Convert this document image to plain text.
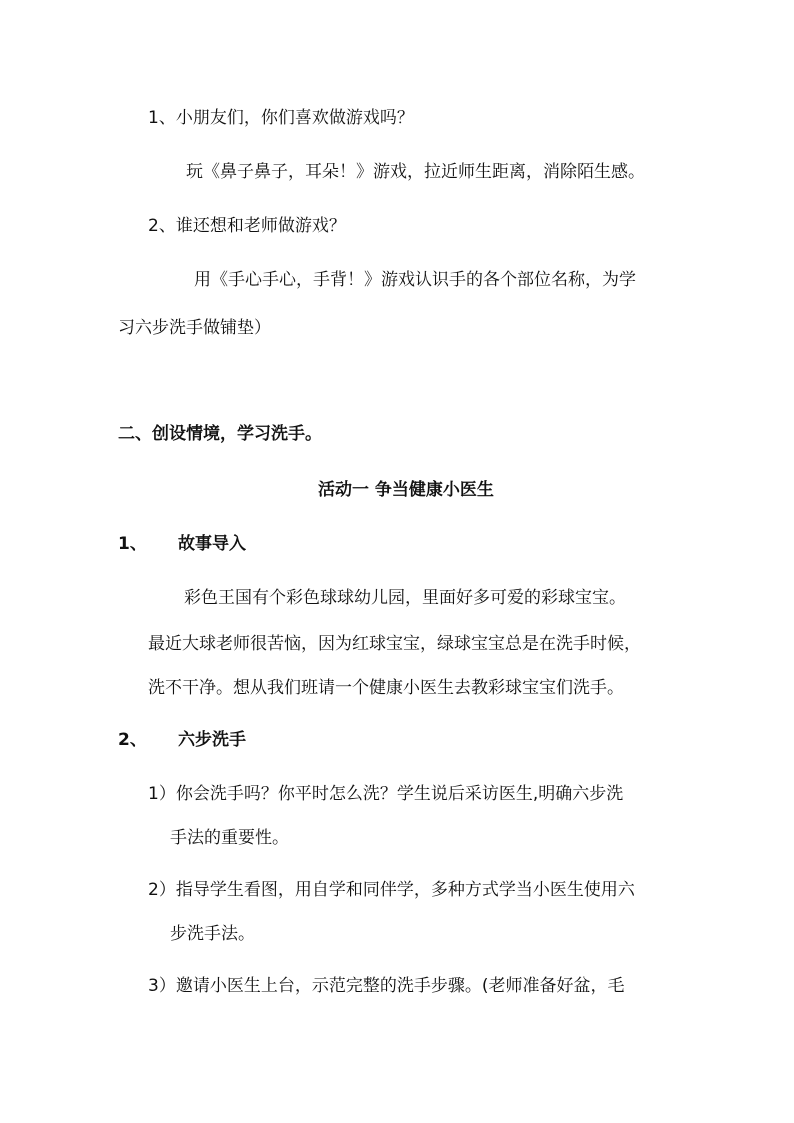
1、小朋友们，你们喜欢做游戏吗？
玩《鼻子鼻子，耳朵！》游戏，拉近师生距离，消除陌生感。
2、谁还想和老师做游戏？
用《手心手心，手背！》游戏认识手的各个部位名称，为学
习六步洗手做铺垫）
二、创设情境，学习洗手。
活动一 争当健康小医生
1、 故事导入
彩色王国有个彩色球球幼儿园，里面好多可爱的彩球宝宝。
最近大球老师很苦恼，因为红球宝宝，绿球宝宝总是在洗手时候，
洗不干净。想从我们班请一个健康小医生去教彩球宝宝们洗手。
2、 六步洗手
1）你会洗手吗？你平时怎么洗？学生说后采访医生,明确六步洗
手法的重要性。
2）指导学生看图，用自学和同伴学，多种方式学当小医生使用六
步洗手法。
3）邀请小医生上台，示范完整的洗手步骤。(老师准备好盆，毛
